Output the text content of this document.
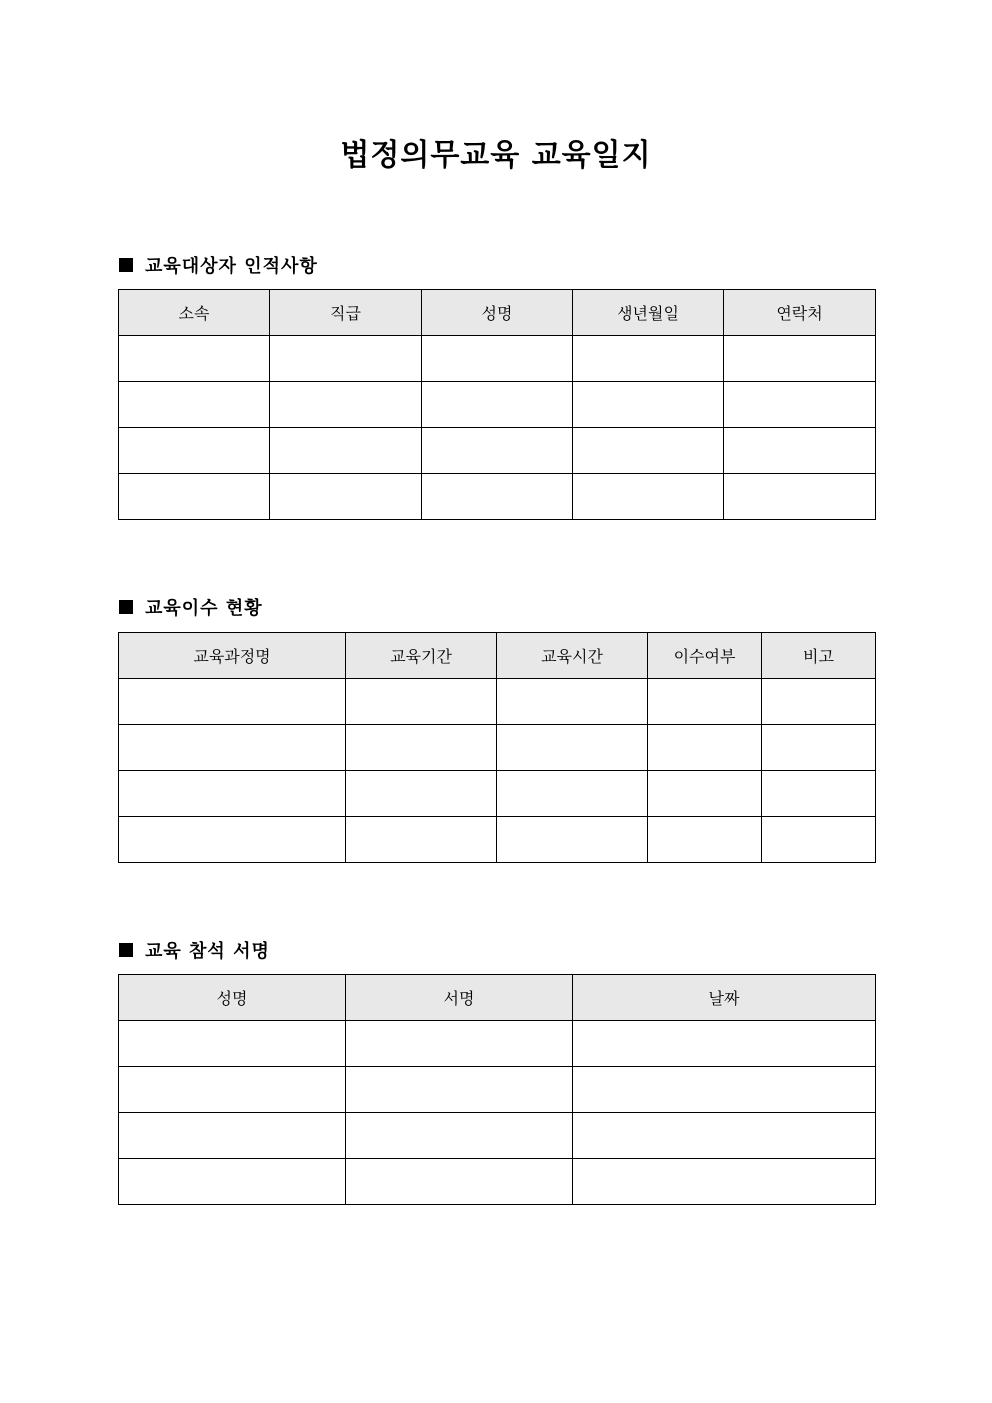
법정의무교육 교육일지
교육대상자 인적사항
소속	직급	성명	생년월일	연락처

교육이수 현황
교육과정명	교육기간	교육시간	이수여부	비고

교육 참석 서명
성명	서명	날짜
